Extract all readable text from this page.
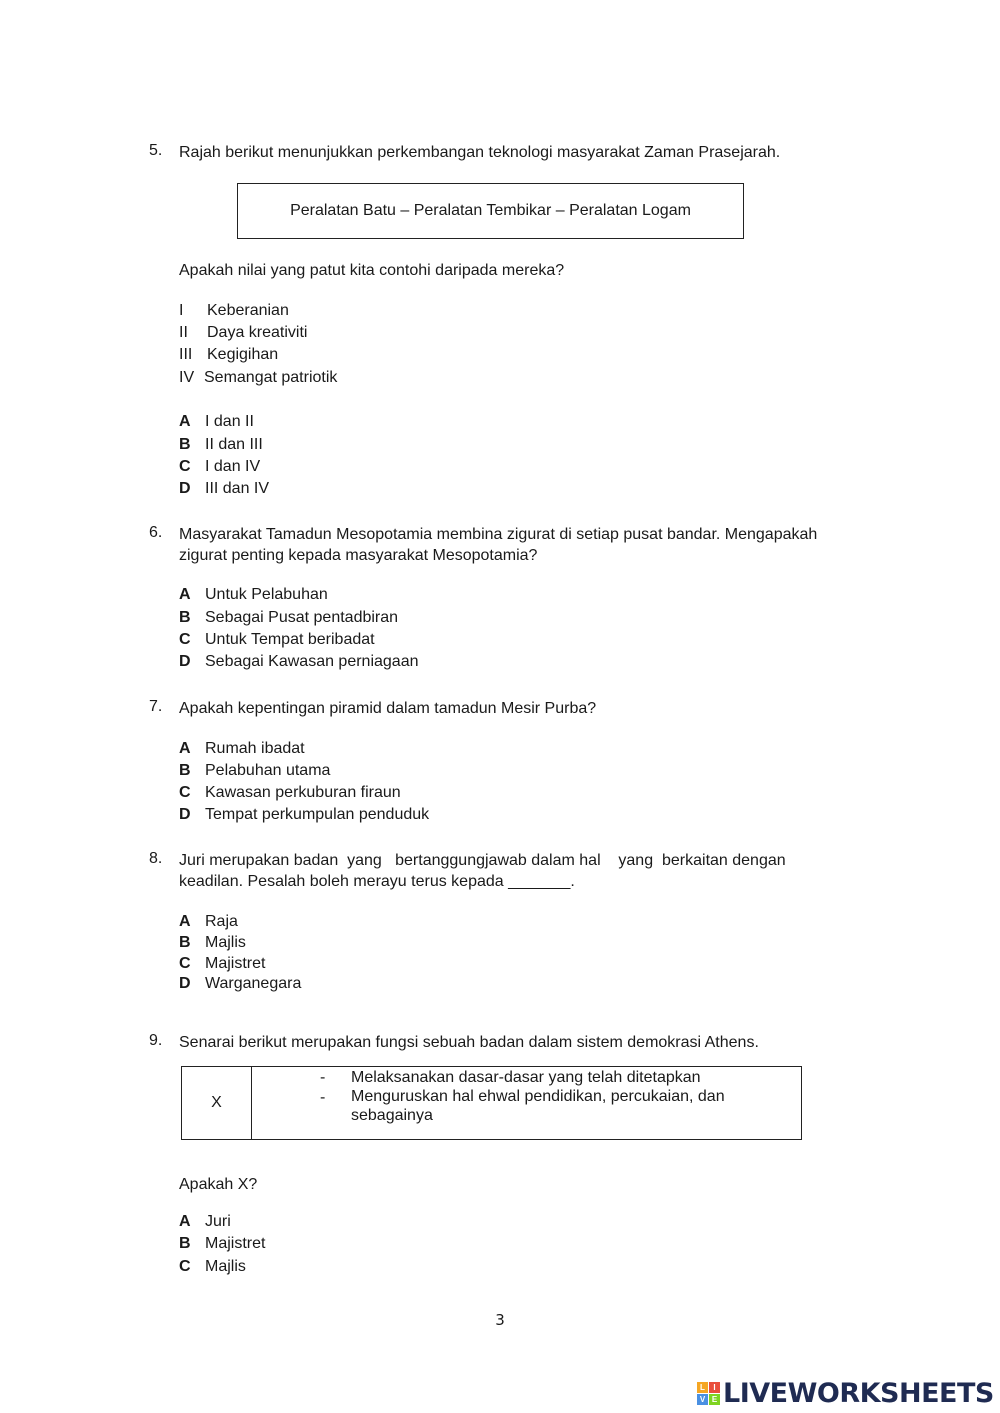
5. Rajah berikut menunjukkan perkembangan teknologi masyarakat Zaman Prasejarah.
Peralatan Batu – Peralatan Tembikar – Peralatan Logam
Apakah nilai yang patut kita contohi daripada mereka?
I Keberanian
II Daya kreativiti
III Kegigihan
IV Semangat patriotik
A I dan II
B II dan III
C I dan IV
D III dan IV
6. Masyarakat Tamadun Mesopotamia membina zigurat di setiap pusat bandar. Mengapakah
zigurat penting kepada masyarakat Mesopotamia?
A Untuk Pelabuhan
B Sebagai Pusat pentadbiran
C Untuk Tempat beribadat
D Sebagai Kawasan perniagaan
7. Apakah kepentingan piramid dalam tamadun Mesir Purba?
A Rumah ibadat
B Pelabuhan utama
C Kawasan perkuburan firaun
D Tempat perkumpulan penduduk
8. Juri merupakan badan  yang   bertanggungjawab dalam hal    yang  berkaitan dengan
keadilan. Pesalah boleh merayu terus kepada _______.
A Raja
B Majlis
C Majistret
D Warganegara
9. Senarai berikut merupakan fungsi sebuah badan dalam sistem demokrasi Athens.
X
- Melaksanakan dasar-dasar yang telah ditetapkan
- Menguruskan hal ehwal pendidikan, percukaian, dan sebagainya
Apakah X?
A Juri
B Majistret
C Majlis
3
L	I
V E LIVEWORKSHEETS
